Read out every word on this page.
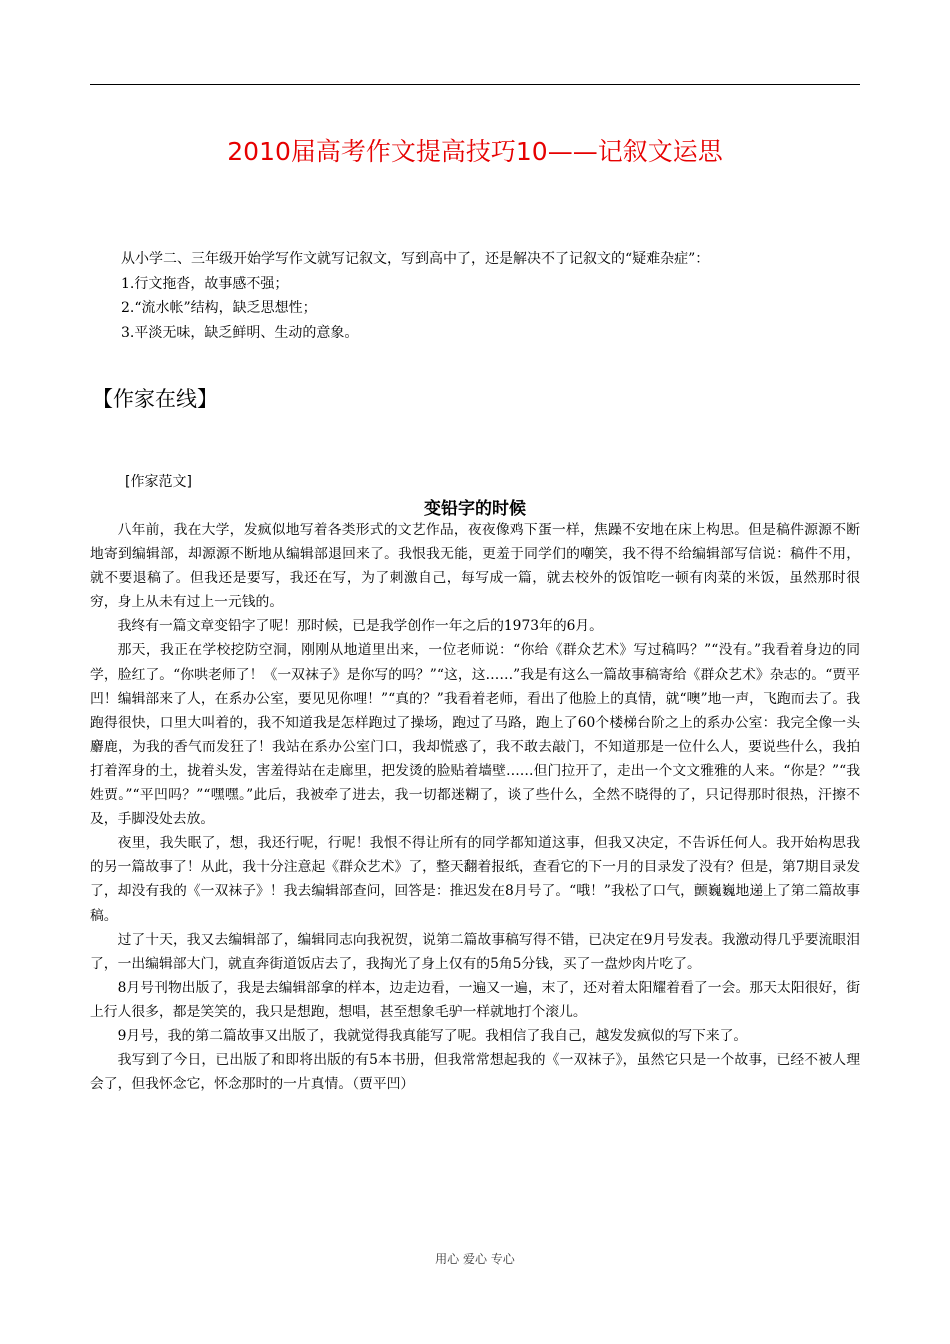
2010届高考作文提高技巧10——记叙文运思
从小学二、三年级开始学写作文就写记叙文，写到高中了，还是解决不了记叙文的“疑难杂症”：
1.行文拖沓，故事感不强；
2.“流水帐”结构，缺乏思想性；
3.平淡无味，缺乏鲜明、生动的意象。
【作家在线】
[作家范文]
变铅字的时候

八年前，我在大学，发疯似地写着各类形式的文艺作品，夜夜像鸡下蛋一样，焦躁不安地在床上构思。但是稿件源源不断地寄到编辑部，却源源不断地从编辑部退回来了。我恨我无能，更羞于同学们的嘲笑，我不得不给编辑部写信说：稿件不用，就不要退稿了。但我还是要写，我还在写，为了刺激自己，每写成一篇，就去校外的饭馆吃一顿有肉菜的米饭，虽然那时很穷，身上从未有过上一元钱的。

我终有一篇文章变铅字了呢！那时候，已是我学创作一年之后的1973年的6月。

那天，我正在学校挖防空洞，刚刚从地道里出来，一位老师说：“你给《群众艺术》写过稿吗？”“没有。”我看着身边的同学，脸红了。“你哄老师了！《一双袜子》是你写的吗？”“这，这……”我是有这么一篇故事稿寄给《群众艺术》杂志的。“贾平凹！编辑部来了人，在系办公室，要见见你哩！”“真的？”我看着老师，看出了他脸上的真情，就“噢”地一声，飞跑而去了。我跑得很快，口里大叫着的，我不知道我是怎样跑过了操场，跑过了马路，跑上了60个楼梯台阶之上的系办公室：我完全像一头麝鹿，为我的香气而发狂了！我站在系办公室门口，我却慌惑了，我不敢去敲门，不知道那是一位什么人，要说些什么，我拍打着浑身的土，拢着头发，害羞得站在走廊里，把发烫的脸贴着墙壁……但门拉开了，走出一个文文雅雅的人来。“你是？”“我姓贾。”“平凹吗？”“嘿嘿。”此后，我被牵了进去，我一切都迷糊了，谈了些什么，全然不晓得的了，只记得那时很热，汗擦不及，手脚没处去放。

夜里，我失眠了，想，我还行呢，行呢！我恨不得让所有的同学都知道这事，但我又决定，不告诉任何人。我开始构思我的另一篇故事了！从此，我十分注意起《群众艺术》了，整天翻着报纸，查看它的下一月的目录发了没有？但是，第7期目录发了，却没有我的《一双袜子》！我去编辑部查问，回答是：推迟发在8月号了。“哦！”我松了口气，颤巍巍地递上了第二篇故事稿。

过了十天，我又去编辑部了，编辑同志向我祝贺，说第二篇故事稿写得不错，已决定在9月号发表。我激动得几乎要流眼泪了，一出编辑部大门，就直奔街道饭店去了，我掏光了身上仅有的5角5分钱，买了一盘炒肉片吃了。

8月号刊物出版了，我是去编辑部拿的样本，边走边看，一遍又一遍，末了，还对着太阳耀着看了一会。那天太阳很好，街上行人很多，都是笑笑的，我只是想跑，想唱，甚至想象毛驴一样就地打个滚儿。

9月号，我的第二篇故事又出版了，我就觉得我真能写了呢。我相信了我自己，越发发疯似的写下来了。

我写到了今日，已出版了和即将出版的有5本书册，但我常常想起我的《一双袜子》，虽然它只是一个故事，已经不被人理会了，但我怀念它，怀念那时的一片真情。（贾平凹）

用心 爱心 专心
